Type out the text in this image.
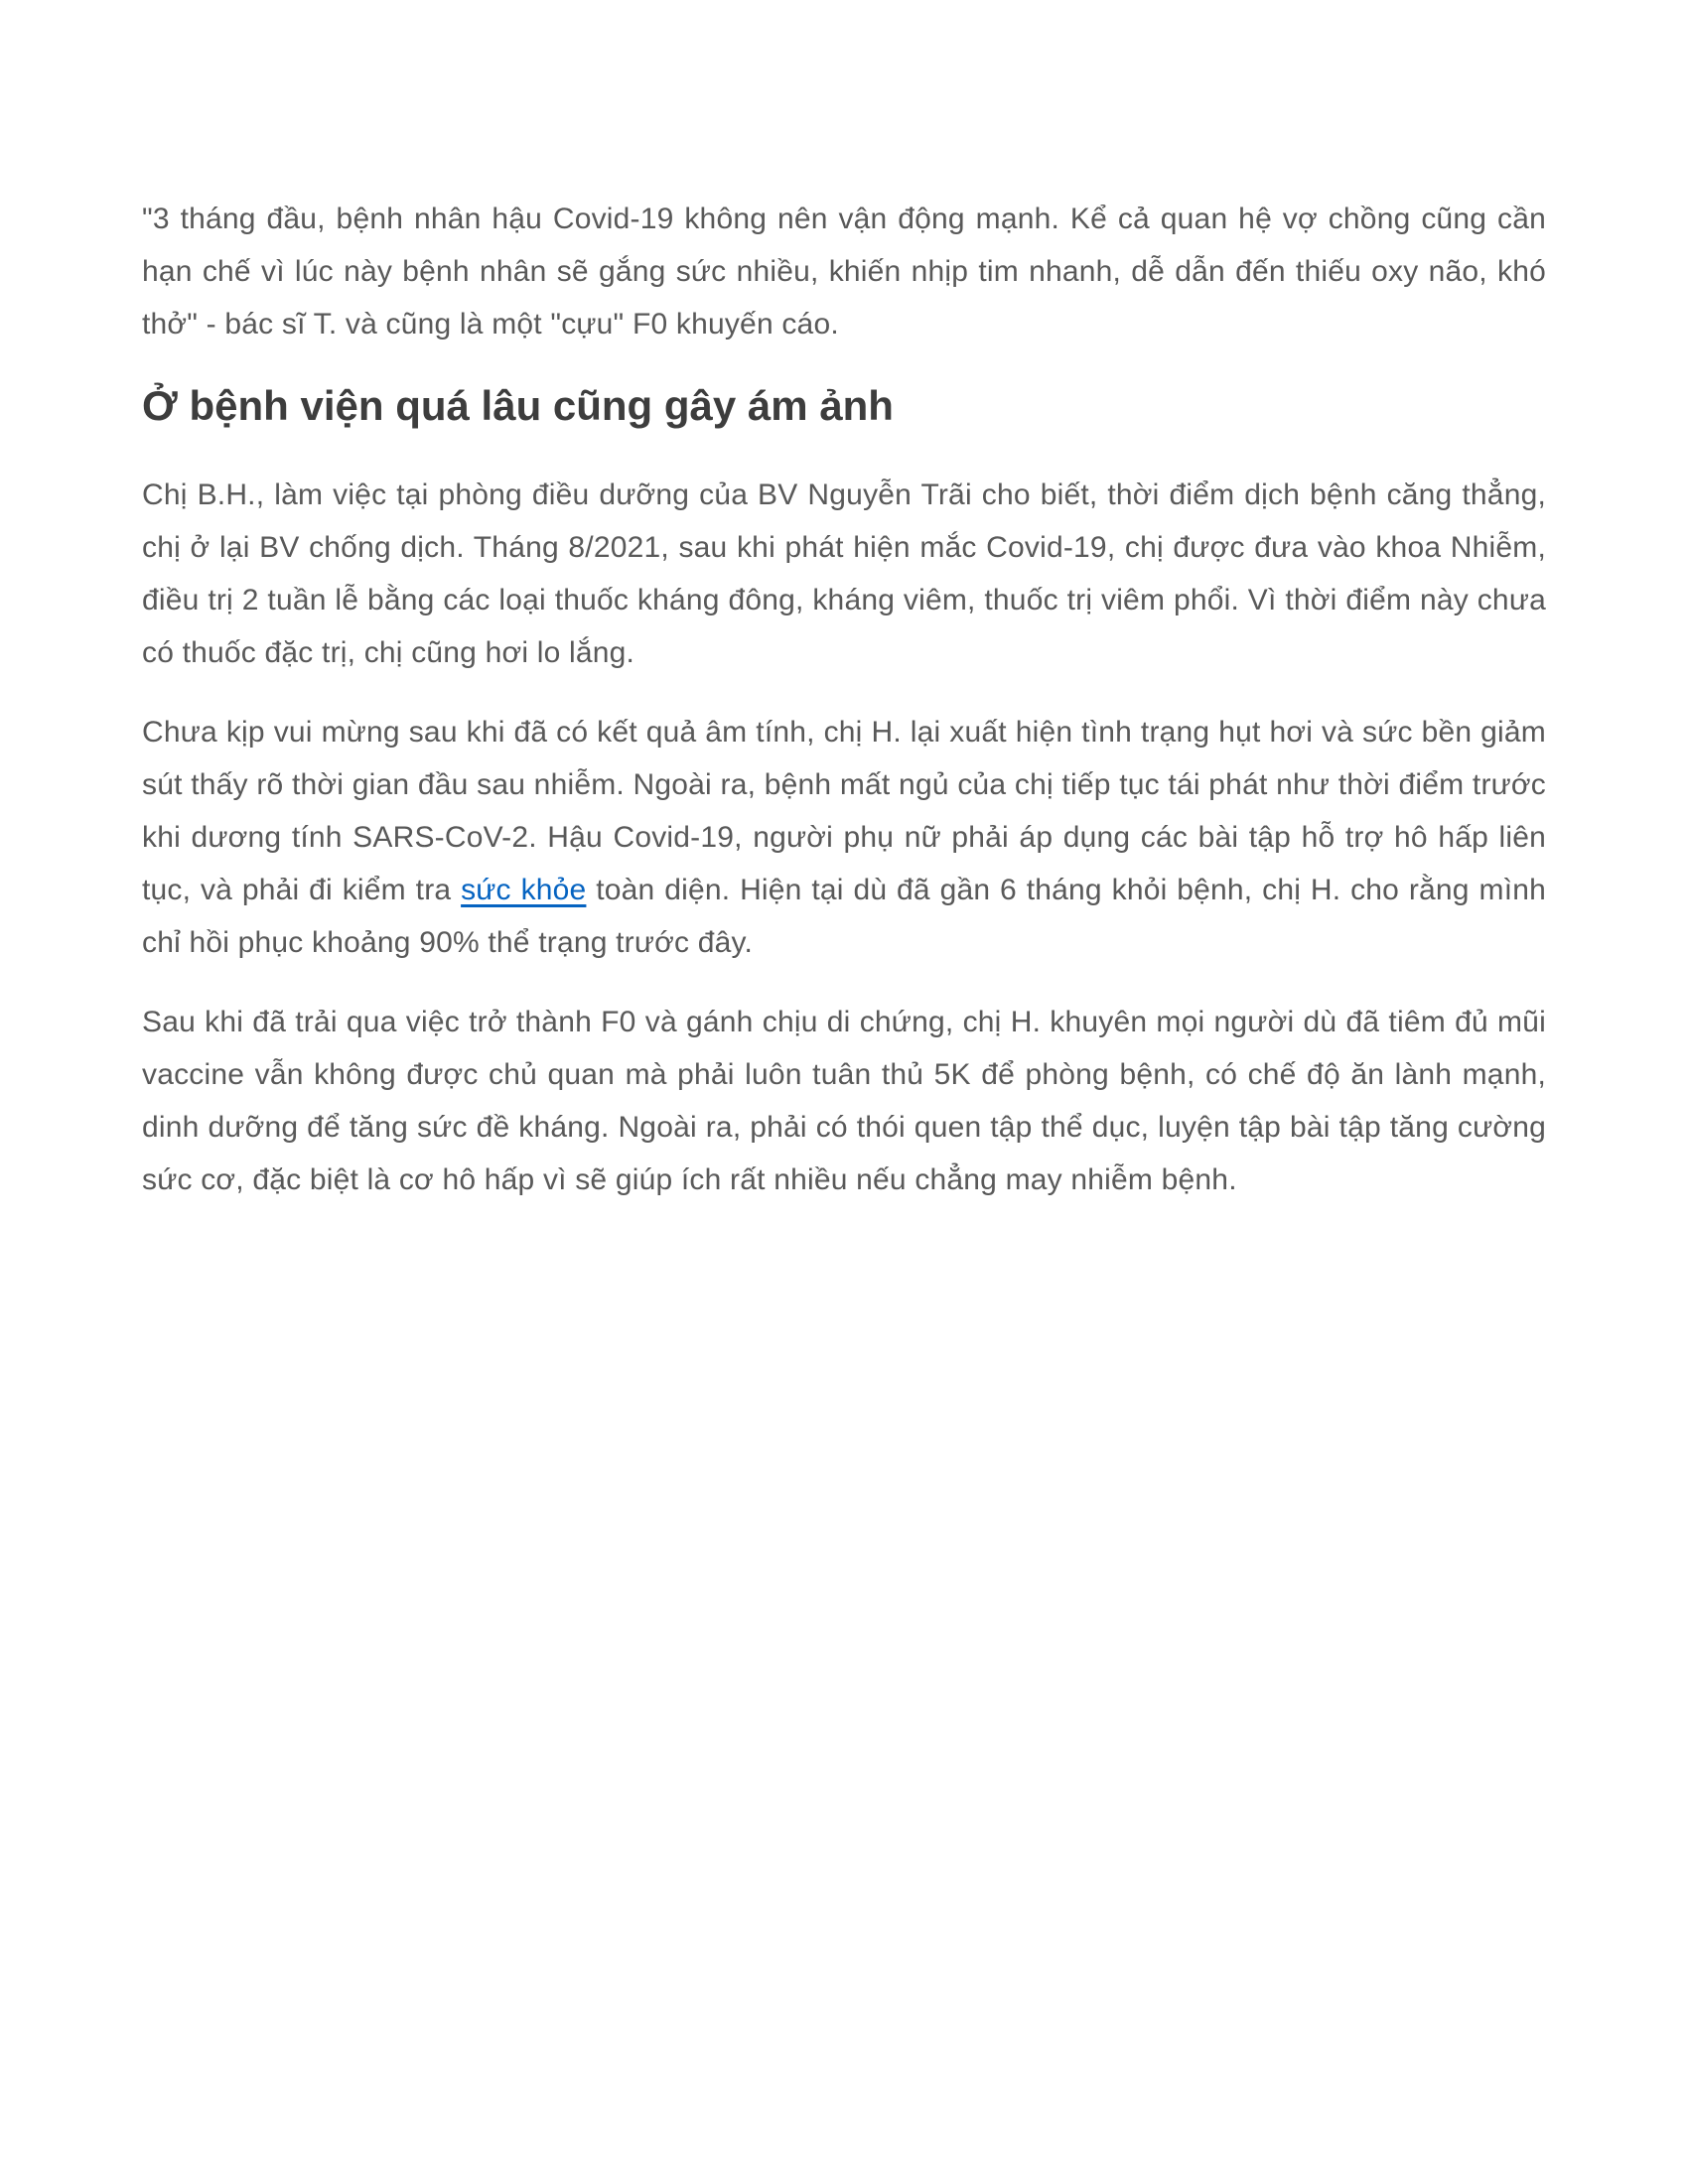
"3 tháng đầu, bệnh nhân hậu Covid-19 không nên vận động mạnh. Kể cả quan hệ vợ chồng cũng cần hạn chế vì lúc này bệnh nhân sẽ gắng sức nhiều, khiến nhịp tim nhanh, dễ dẫn đến thiếu oxy não, khó thở" - bác sĩ T. và cũng là một "cựu" F0 khuyến cáo.

Ở bệnh viện quá lâu cũng gây ám ảnh

Chị B.H., làm việc tại phòng điều dưỡng của BV Nguyễn Trãi cho biết, thời điểm dịch bệnh căng thẳng, chị ở lại BV chống dịch. Tháng 8/2021, sau khi phát hiện mắc Covid-19, chị được đưa vào khoa Nhiễm, điều trị 2 tuần lễ bằng các loại thuốc kháng đông, kháng viêm, thuốc trị viêm phổi. Vì thời điểm này chưa có thuốc đặc trị, chị cũng hơi lo lắng.

Chưa kịp vui mừng sau khi đã có kết quả âm tính, chị H. lại xuất hiện tình trạng hụt hơi và sức bền giảm sút thấy rõ thời gian đầu sau nhiễm. Ngoài ra, bệnh mất ngủ của chị tiếp tục tái phát như thời điểm trước khi dương tính SARS-CoV-2. Hậu Covid-19, người phụ nữ phải áp dụng các bài tập hỗ trợ hô hấp liên tục, và phải đi kiểm tra sức khỏe toàn diện. Hiện tại dù đã gần 6 tháng khỏi bệnh, chị H. cho rằng mình chỉ hồi phục khoảng 90% thể trạng trước đây.

Sau khi đã trải qua việc trở thành F0 và gánh chịu di chứng, chị H. khuyên mọi người dù đã tiêm đủ mũi vaccine vẫn không được chủ quan mà phải luôn tuân thủ 5K để phòng bệnh, có chế độ ăn lành mạnh, dinh dưỡng để tăng sức đề kháng. Ngoài ra, phải có thói quen tập thể dục, luyện tập bài tập tăng cường sức cơ, đặc biệt là cơ hô hấp vì sẽ giúp ích rất nhiều nếu chẳng may nhiễm bệnh.
